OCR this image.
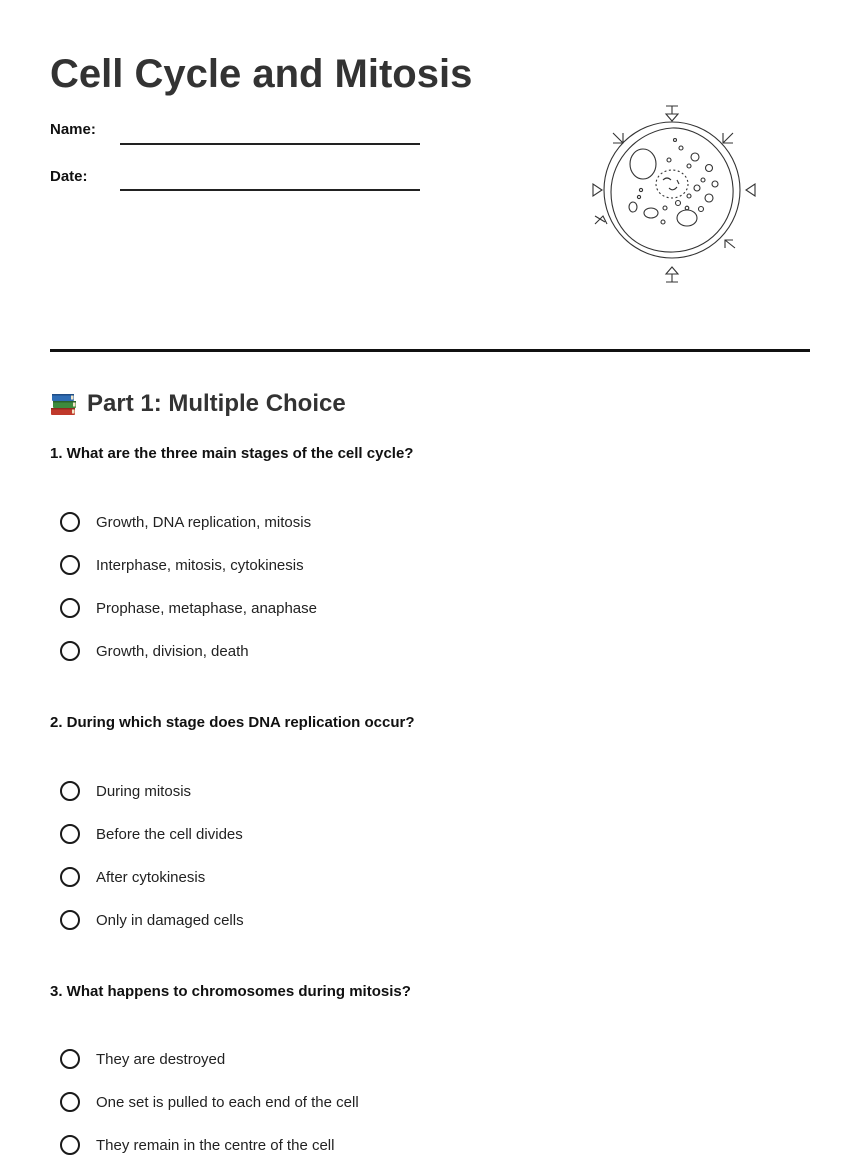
Cell Cycle and Mitosis
Name:
Date:
Part 1: Multiple Choice

1. What are the three main stages of the cell cycle?

Growth, DNA replication, mitosis
Interphase, mitosis, cytokinesis
Prophase, metaphase, anaphase
Growth, division, death

2. During which stage does DNA replication occur?

During mitosis
Before the cell divides
After cytokinesis
Only in damaged cells

3. What happens to chromosomes during mitosis?

They are destroyed
One set is pulled to each end of the cell
They remain in the centre of the cell
